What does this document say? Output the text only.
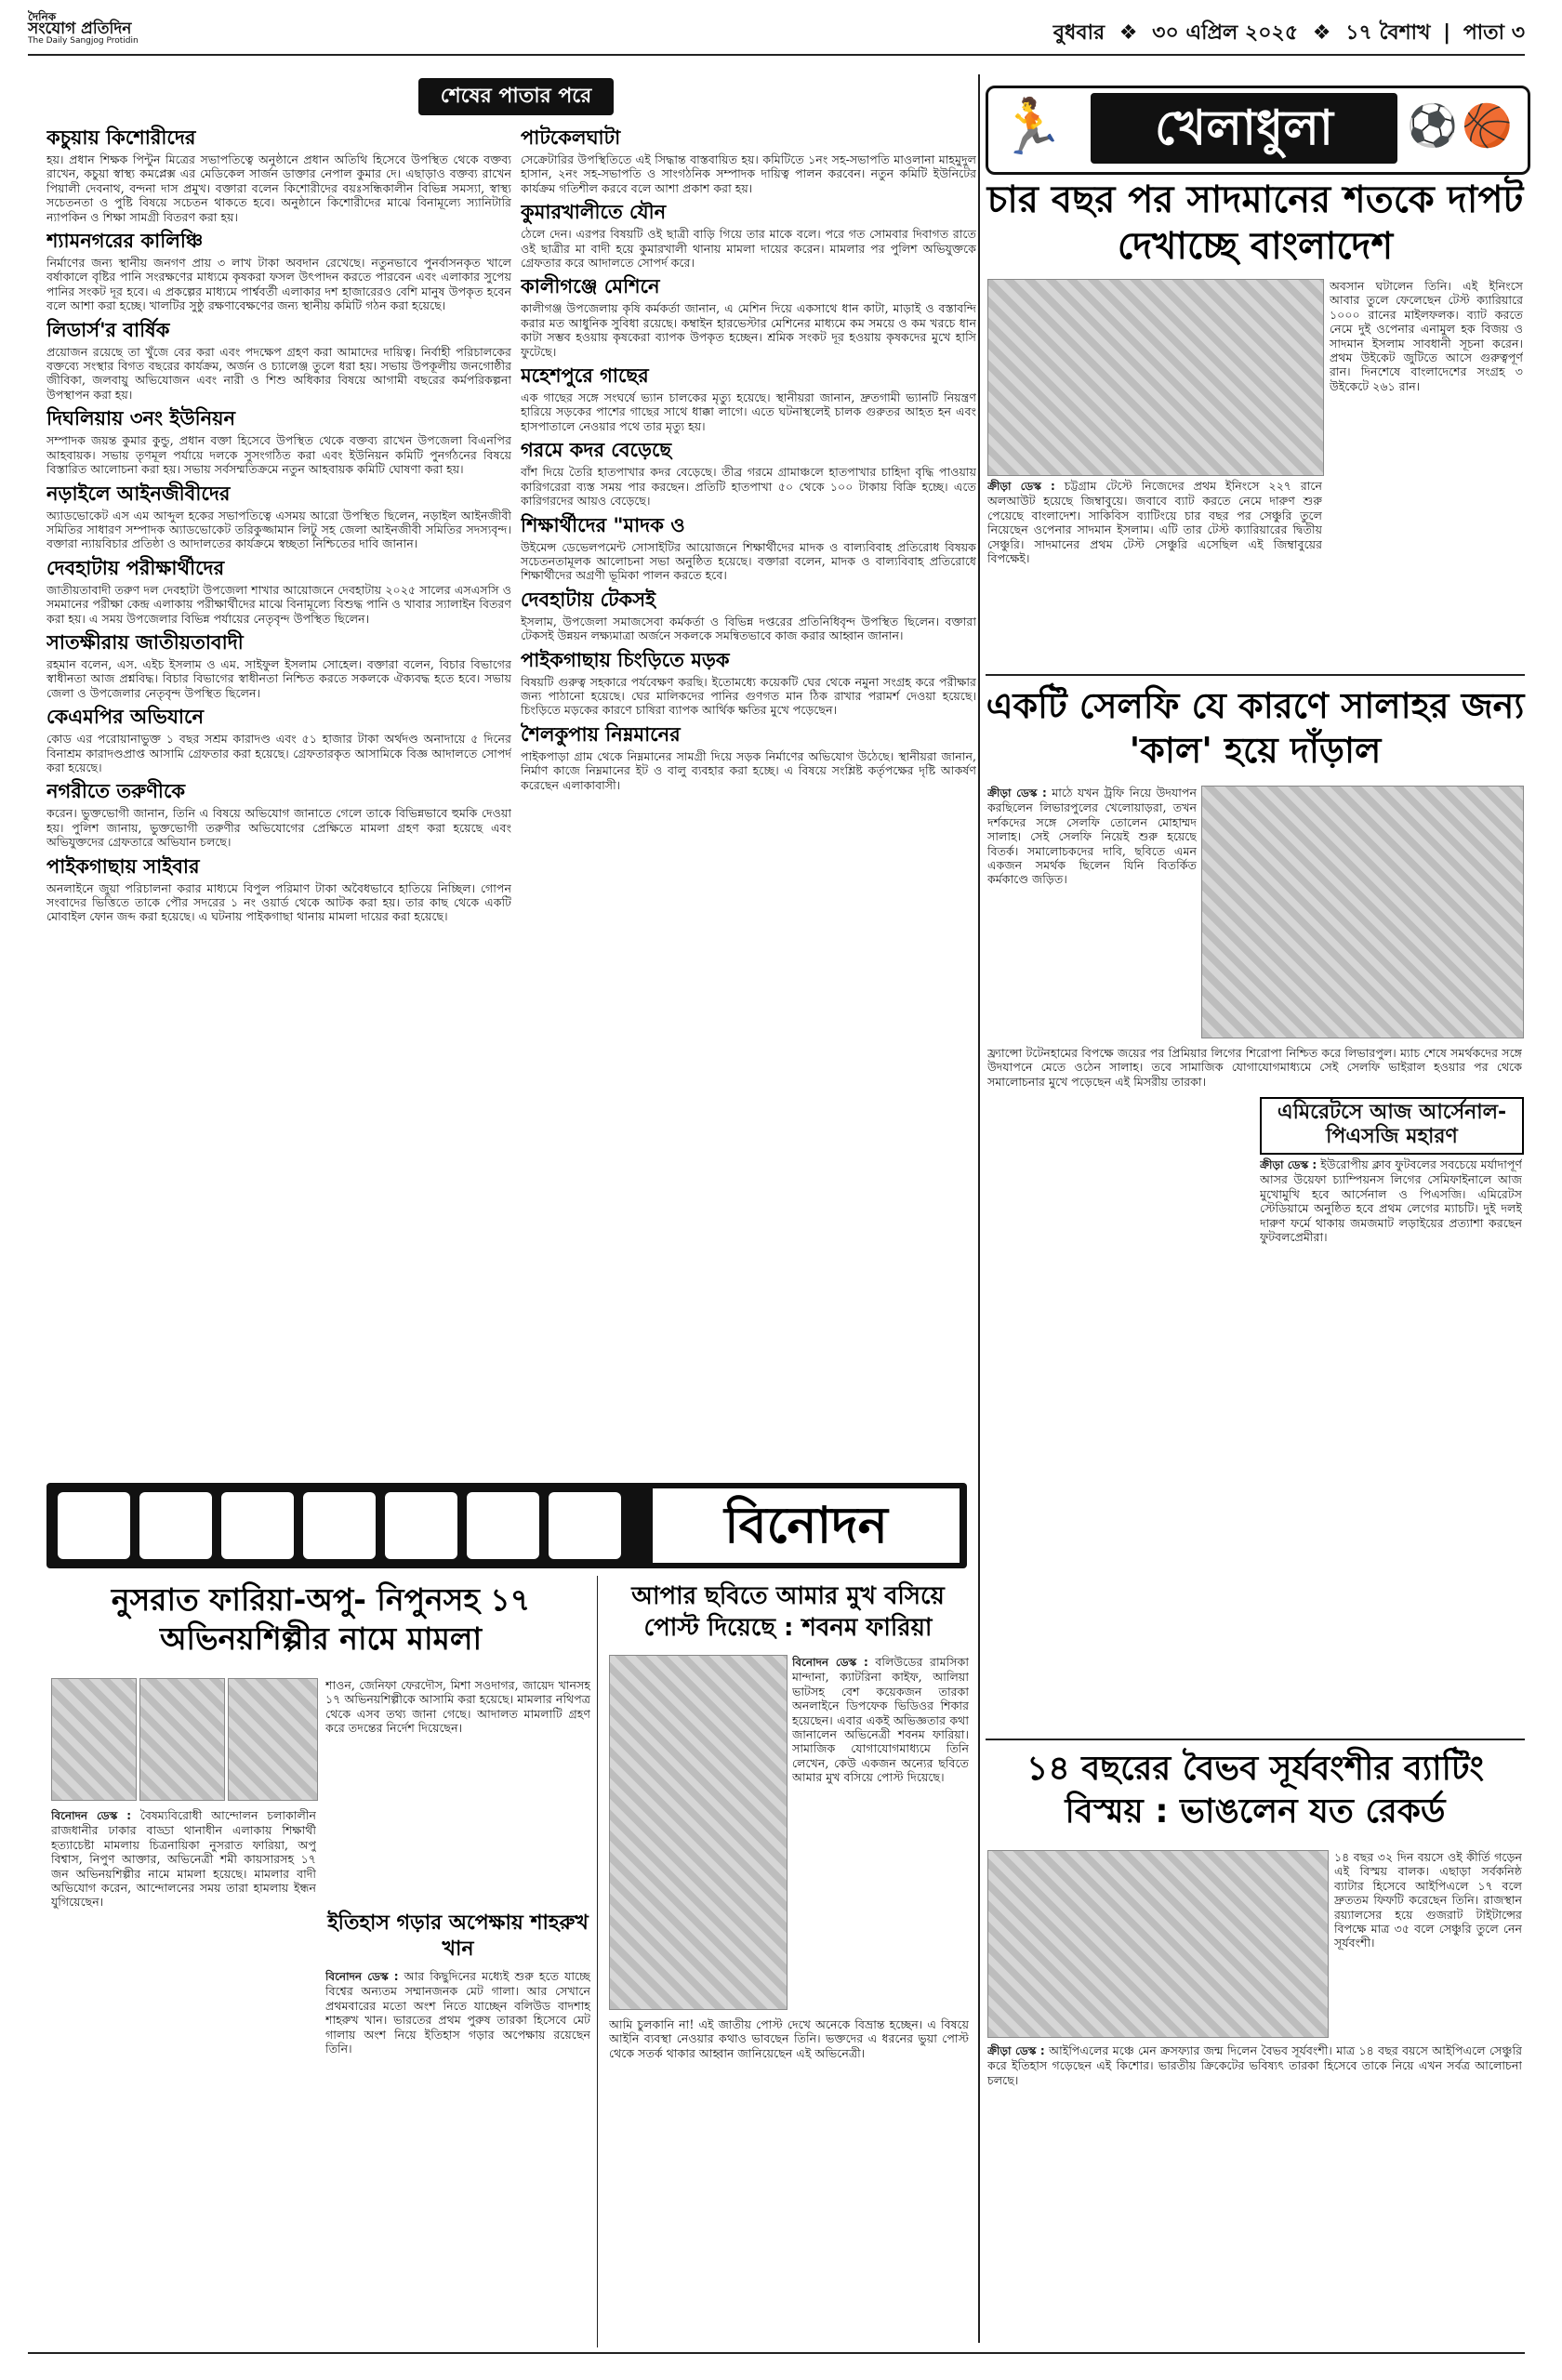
দৈনিক
সংযোগ প্রতিদিন
The Daily Sangjog Protidin	বুধবার ❖ ৩০ এপ্রিল ২০২৫ ❖ ১৭ বৈশাখ | পাতা ৩
শেষের পাতার পরে
কচুয়ায় কিশোরীদের

হয়। প্রধান শিক্ষক পিন্টুন মিত্রের সভাপতিত্বে অনুষ্ঠানে প্রধান অতিথি হিসেবে উপস্থিত থেকে বক্তব্য রাখেন, কচুয়া স্বাস্থ্য কমপ্লেক্স এর মেডিকেল সার্জন ডাক্তার নেপাল কুমার দে। এছাড়াও বক্তব্য রাখেন পিয়ালী দেবনাথ, বন্দনা দাস প্রমুখ। বক্তারা বলেন কিশোরীদের বয়ঃসন্ধিকালীন বিভিন্ন সমস্যা, স্বাস্থ্য সচেতনতা ও পুষ্টি বিষয়ে সচেতন থাকতে হবে। অনুষ্ঠানে কিশোরীদের মাঝে বিনামূল্যে স্যানিটারি ন্যাপকিন ও শিক্ষা সামগ্রী বিতরণ করা হয়।

শ্যামনগরের কালিঞ্চি

নির্মাণের জন্য স্থানীয় জনগণ প্রায় ৩ লাখ টাকা অবদান রেখেছে। নতুনভাবে পুনর্বাসনকৃত খালে বর্ষাকালে বৃষ্টির পানি সংরক্ষণের মাধ্যমে কৃষকরা ফসল উৎপাদন করতে পারবেন এবং এলাকার সুপেয় পানির সংকট দূর হবে। এ প্রকল্পের মাধ্যমে পার্শ্ববর্তী এলাকার দশ হাজারেরও বেশি মানুষ উপকৃত হবেন বলে আশা করা হচ্ছে। খালটির সুষ্ঠু রক্ষণাবেক্ষণের জন্য স্থানীয় কমিটি গঠন করা হয়েছে।

লিডার্স'র বার্ষিক

প্রয়োজন রয়েছে তা খুঁজে বের করা এবং পদক্ষেপ গ্রহণ করা আমাদের দায়িত্ব। নির্বাহী পরিচালকের বক্তব্যে সংস্থার বিগত বছরের কার্যক্রম, অর্জন ও চ্যালেঞ্জ তুলে ধরা হয়। সভায় উপকূলীয় জনগোষ্ঠীর জীবিকা, জলবায়ু অভিযোজন এবং নারী ও শিশু অধিকার বিষয়ে আগামী বছরের কর্মপরিকল্পনা উপস্থাপন করা হয়।

দিঘলিয়ায় ৩নং ইউনিয়ন

সম্পাদক জয়ন্ত কুমার কুন্ডু, প্রধান বক্তা হিসেবে উপস্থিত থেকে বক্তব্য রাখেন উপজেলা বিএনপির আহবায়ক। সভায় তৃণমূল পর্যায়ে দলকে সুসংগঠিত করা এবং ইউনিয়ন কমিটি পুনর্গঠনের বিষয়ে বিস্তারিত আলোচনা করা হয়। সভায় সর্বসম্মতিক্রমে নতুন আহবায়ক কমিটি ঘোষণা করা হয়।

নড়াইলে আইনজীবীদের

অ্যাডভোকেট এস এম আব্দুল হকের সভাপতিত্বে এসময় আরো উপস্থিত ছিলেন, নড়াইল আইনজীবী সমিতির সাধারণ সম্পাদক অ্যাডভোকেট তরিকুজ্জামান লিটু সহ জেলা আইনজীবী সমিতির সদস্যবৃন্দ। বক্তারা ন্যায়বিচার প্রতিষ্ঠা ও আদালতের কার্যক্রমে স্বচ্ছতা নিশ্চিতের দাবি জানান।

দেবহাটায় পরীক্ষার্থীদের

জাতীয়তাবাদী তরুণ দল দেবহাটা উপজেলা শাখার আয়োজনে দেবহাটায় ২০২৫ সালের এসএসসি ও সমমানের পরীক্ষা কেন্দ্র এলাকায় পরীক্ষার্থীদের মাঝে বিনামূল্যে বিশুদ্ধ পানি ও খাবার স্যালাইন বিতরণ করা হয়। এ সময় উপজেলার বিভিন্ন পর্যায়ের নেতৃবৃন্দ উপস্থিত ছিলেন।

সাতক্ষীরায় জাতীয়তাবাদী

রহমান বলেন, এস. এইচ ইসলাম ও এম. সাইফুল ইসলাম সোহেল। বক্তারা বলেন, বিচার বিভাগের স্বাধীনতা আজ প্রশ্নবিদ্ধ। বিচার বিভাগের স্বাধীনতা নিশ্চিত করতে সকলকে ঐক্যবদ্ধ হতে হবে। সভায় জেলা ও উপজেলার নেতৃবৃন্দ উপস্থিত ছিলেন।

কেএমপির অভিযানে

কোড এর পরোয়ানাভুক্ত ১ বছর সশ্রম কারাদণ্ড এবং ৫১ হাজার টাকা অর্থদণ্ড অনাদায়ে ৫ দিনের বিনাশ্রম কারাদণ্ডপ্রাপ্ত আসামি গ্রেফতার করা হয়েছে। গ্রেফতারকৃত আসামিকে বিজ্ঞ আদালতে সোপর্দ করা হয়েছে।

নগরীতে তরুণীকে

করেন। ভুক্তভোগী জানান, তিনি এ বিষয়ে অভিযোগ জানাতে গেলে তাকে বিভিন্নভাবে হুমকি দেওয়া হয়। পুলিশ জানায়, ভুক্তভোগী তরুণীর অভিযোগের প্রেক্ষিতে মামলা গ্রহণ করা হয়েছে এবং অভিযুক্তদের গ্রেফতারে অভিযান চলছে।

পাইকগাছায় সাইবার

অনলাইনে জুয়া পরিচালনা করার মাধ্যমে বিপুল পরিমাণ টাকা অবৈধভাবে হাতিয়ে নিচ্ছিল। গোপন সংবাদের ভিত্তিতে তাকে পৌর সদরের ১ নং ওয়ার্ড থেকে আটক করা হয়। তার কাছ থেকে একটি মোবাইল ফোন জব্দ করা হয়েছে। এ ঘটনায় পাইকগাছা থানায় মামলা দায়ের করা হয়েছে।

পাটকেলঘাটা

সেক্রেটারির উপস্থিতিতে এই সিদ্ধান্ত বাস্তবায়িত হয়। কমিটিতে ১নং সহ-সভাপতি মাওলানা মাহমুদুল হাসান, ২নং সহ-সভাপতি ও সাংগঠনিক সম্পাদক দায়িত্ব পালন করবেন। নতুন কমিটি ইউনিটের কার্যক্রম গতিশীল করবে বলে আশা প্রকাশ করা হয়।

কুমারখালীতে যৌন

ঠেলে দেন। এরপর বিষয়টি ওই ছাত্রী বাড়ি গিয়ে তার মাকে বলে। পরে গত সোমবার দিবাগত রাতে ওই ছাত্রীর মা বাদী হয়ে কুমারখালী থানায় মামলা দায়ের করেন। মামলার পর পুলিশ অভিযুক্তকে গ্রেফতার করে আদালতে সোপর্দ করে।

কালীগঞ্জে মেশিনে

কালীগঞ্জ উপজেলায় কৃষি কর্মকর্তা জানান, এ মেশিন দিয়ে একসাথে ধান কাটা, মাড়াই ও বস্তাবন্দি করার মত আধুনিক সুবিধা রয়েছে। কম্বাইন হারভেস্টার মেশিনের মাধ্যমে কম সময়ে ও কম খরচে ধান কাটা সম্ভব হওয়ায় কৃষকেরা ব্যাপক উপকৃত হচ্ছেন। শ্রমিক সংকট দূর হওয়ায় কৃষকদের মুখে হাসি ফুটেছে।

মহেশপুরে গাছের

এক গাছের সঙ্গে সংঘর্ষে ভ্যান চালকের মৃত্যু হয়েছে। স্থানীয়রা জানান, দ্রুতগামী ভ্যানটি নিয়ন্ত্রণ হারিয়ে সড়কের পাশের গাছের সাথে ধাক্কা লাগে। এতে ঘটনাস্থলেই চালক গুরুতর আহত হন এবং হাসপাতালে নেওয়ার পথে তার মৃত্যু হয়।

গরমে কদর বেড়েছে

বাঁশ দিয়ে তৈরি হাতপাখার কদর বেড়েছে। তীব্র গরমে গ্রামাঞ্চলে হাতপাখার চাহিদা বৃদ্ধি পাওয়ায় কারিগরেরা ব্যস্ত সময় পার করছেন। প্রতিটি হাতপাখা ৫০ থেকে ১০০ টাকায় বিক্রি হচ্ছে। এতে কারিগরদের আয়ও বেড়েছে।

শিক্ষার্থীদের "মাদক ও

উইমেন্স ডেভেলপমেন্ট সোসাইটির আয়োজনে শিক্ষার্থীদের মাদক ও বাল্যবিবাহ প্রতিরোধ বিষয়ক সচেতনতামূলক আলোচনা সভা অনুষ্ঠিত হয়েছে। বক্তারা বলেন, মাদক ও বাল্যবিবাহ প্রতিরোধে শিক্ষার্থীদের অগ্রণী ভূমিকা পালন করতে হবে।

দেবহাটায় টেকসই

ইসলাম, উপজেলা সমাজসেবা কর্মকর্তা ও বিভিন্ন দপ্তরের প্রতিনিধিবৃন্দ উপস্থিত ছিলেন। বক্তারা টেকসই উন্নয়ন লক্ষ্যমাত্রা অর্জনে সকলকে সমন্বিতভাবে কাজ করার আহ্বান জানান।

পাইকগাছায় চিংড়িতে মড়ক

বিষয়টি গুরুত্ব সহকারে পর্যবেক্ষণ করছি। ইতোমধ্যে কয়েকটি ঘের থেকে নমুনা সংগ্রহ করে পরীক্ষার জন্য পাঠানো হয়েছে। ঘের মালিকদের পানির গুণগত মান ঠিক রাখার পরামর্শ দেওয়া হয়েছে। চিংড়িতে মড়কের কারণে চাষিরা ব্যাপক আর্থিক ক্ষতির মুখে পড়েছেন।

শৈলকুপায় নিম্নমানের

পাইকপাড়া গ্রাম থেকে নিম্নমানের সামগ্রী দিয়ে সড়ক নির্মাণের অভিযোগ উঠেছে। স্থানীয়রা জানান, নির্মাণ কাজে নিম্নমানের ইট ও বালু ব্যবহার করা হচ্ছে। এ বিষয়ে সংশ্লিষ্ট কর্তৃপক্ষের দৃষ্টি আকর্ষণ করেছেন এলাকাবাসী।

🏃	খেলাধুলা	⚽🏀
চার বছর পর সাদমানের শতকে দাপট দেখাচ্ছে বাংলাদেশ

অবসান ঘটালেন তিনি। এই ইনিংসে আবার তুলে ফেলেছেন টেস্ট ক্যারিয়ারে ১০০০ রানের মাইলফলক। ব্যাট করতে নেমে দুই ওপেনার এনামুল হক বিজয় ও সাদমান ইসলাম সাবধানী সূচনা করেন। প্রথম উইকেট জুটিতে আসে গুরুত্বপূর্ণ রান। দিনশেষে বাংলাদেশের সংগ্রহ ৩ উইকেটে ২৬১ রান।

ক্রীড়া ডেস্ক : চট্টগ্রাম টেস্টে নিজেদের প্রথম ইনিংসে ২২৭ রানে অলআউট হয়েছে জিম্বাবুয়ে। জবাবে ব্যাট করতে নেমে দারুণ শুরু পেয়েছে বাংলাদেশ। সাকিবিস ব্যাটিংয়ে চার বছর পর সেঞ্চুরি তুলে নিয়েছেন ওপেনার সাদমান ইসলাম। এটি তার টেস্ট ক্যারিয়ারের দ্বিতীয় সেঞ্চুরি। সাদমানের প্রথম টেস্ট সেঞ্চুরি এসেছিল এই জিম্বাবুয়ের বিপক্ষেই।
একটি সেলফি যে কারণে সালাহর জন্য 'কাল' হয়ে দাঁড়াল
ক্রীড়া ডেস্ক : মাঠে যখন ট্রফি নিয়ে উদযাপন করছিলেন লিভারপুলের খেলোয়াড়রা, তখন দর্শকদের সঙ্গে সেলফি তোলেন মোহাম্মদ সালাহ। সেই সেলফি নিয়েই শুরু হয়েছে বিতর্ক। সমালোচকদের দাবি, ছবিতে এমন একজন সমর্থক ছিলেন যিনি বিতর্কিত কর্মকাণ্ডে জড়িত।

ফ্র্যান্সো টটেনহামের বিপক্ষে জয়ের পর প্রিমিয়ার লিগের শিরোপা নিশ্চিত করে লিভারপুল। ম্যাচ শেষে সমর্থকদের সঙ্গে উদযাপনে মেতে ওঠেন সালাহ। তবে সামাজিক যোগাযোগমাধ্যমে সেই সেলফি ভাইরাল হওয়ার পর থেকে সমালোচনার মুখে পড়েছেন এই মিসরীয় তারকা।

এমিরেটসে আজ আর্সেনাল- পিএসজি মহারণ
ক্রীড়া ডেস্ক : ইউরোপীয় ক্লাব ফুটবলের সবচেয়ে মর্যাদাপূর্ণ আসর উয়েফা চ্যাম্পিয়নস লিগের সেমিফাইনালে আজ মুখোমুখি হবে আর্সেনাল ও পিএসজি। এমিরেটস স্টেডিয়ামে অনুষ্ঠিত হবে প্রথম লেগের ম্যাচটি। দুই দলই দারুণ ফর্মে থাকায় জমজমাট লড়াইয়ের প্রত্যাশা করছেন ফুটবলপ্রেমীরা।
১৪ বছরের বৈভব সূর্যবংশীর ব্যাটিং বিস্ময় : ভাঙলেন যত রেকর্ড

১৪ বছর ৩২ দিন বয়সে ওই কীর্তি গড়েন এই বিস্ময় বালক। এছাড়া সর্বকনিষ্ঠ ব্যাটার হিসেবে আইপিএলে ১৭ বলে দ্রুততম ফিফটি করেছেন তিনি। রাজস্থান রয়্যালসের হয়ে গুজরাট টাইটান্সের বিপক্ষে মাত্র ৩৫ বলে সেঞ্চুরি তুলে নেন সূর্যবংশী।

ক্রীড়া ডেস্ক : আইপিএলের মঞ্চে মেন ক্রসফ্যার জন্ম দিলেন বৈভব সূর্যবংশী। মাত্র ১৪ বছর বয়সে আইপিএলে সেঞ্চুরি করে ইতিহাস গড়েছেন এই কিশোর। ভারতীয় ক্রিকেটের ভবিষ্যৎ তারকা হিসেবে তাকে নিয়ে এখন সর্বত্র আলোচনা চলছে।
বিনোদন
নুসরাত ফারিয়া-অপু- নিপুনসহ ১৭ অভিনয়শিল্পীর নামে মামলা
বিনোদন ডেস্ক : বৈষম্যবিরোধী আন্দোলন চলাকালীন রাজধানীর ঢাকার বাড্ডা থানাধীন এলাকায় শিক্ষার্থী হত্যাচেষ্টা মামলায় চিত্রনায়িকা নুসরাত ফারিয়া, অপু বিশ্বাস, নিপুণ আক্তার, অভিনেত্রী শমী কায়সারসহ ১৭ জন অভিনয়শিল্পীর নামে মামলা হয়েছে। মামলার বাদী অভিযোগ করেন, আন্দোলনের সময় তারা হামলায় ইন্ধন যুগিয়েছেন।

শাওন, জেনিফা ফেরদৌস, মিশা সওদাগর, জায়েদ খানসহ ১৭ অভিনয়শিল্পীকে আসামি করা হয়েছে। মামলার নথিপত্র থেকে এসব তথ্য জানা গেছে। আদালত মামলাটি গ্রহণ করে তদন্তের নির্দেশ দিয়েছেন।

ইতিহাস গড়ার অপেক্ষায় শাহরুখ খান
বিনোদন ডেস্ক : আর কিছুদিনের মধ্যেই শুরু হতে যাচ্ছে বিশ্বের অন্যতম সম্মানজনক মেট গালা। আর সেখানে প্রথমবারের মতো অংশ নিতে যাচ্ছেন বলিউড বাদশাহ শাহরুখ খান। ভারতের প্রথম পুরুষ তারকা হিসেবে মেট গালায় অংশ নিয়ে ইতিহাস গড়ার অপেক্ষায় রয়েছেন তিনি।
আপার ছবিতে আমার মুখ বসিয়ে পোস্ট দিয়েছে : শবনম ফারিয়া
বিনোদন ডেস্ক : বলিউডের রামসিকা মান্দানা, ক্যাটরিনা কাইফ, আলিয়া ভাটসহ বেশ কয়েকজন তারকা অনলাইনে ডিপফেক ভিডিওর শিকার হয়েছেন। এবার একই অভিজ্ঞতার কথা জানালেন অভিনেত্রী শবনম ফারিয়া। সামাজিক যোগাযোগমাধ্যমে তিনি লেখেন, কেউ একজন অন্যের ছবিতে আমার মুখ বসিয়ে পোস্ট দিয়েছে।

আমি চুলকানি না! এই জাতীয় পোস্ট দেখে অনেকে বিভ্রান্ত হচ্ছেন। এ বিষয়ে আইনি ব্যবস্থা নেওয়ার কথাও ভাবছেন তিনি। ভক্তদের এ ধরনের ভুয়া পোস্ট থেকে সতর্ক থাকার আহ্বান জানিয়েছেন এই অভিনেত্রী।
